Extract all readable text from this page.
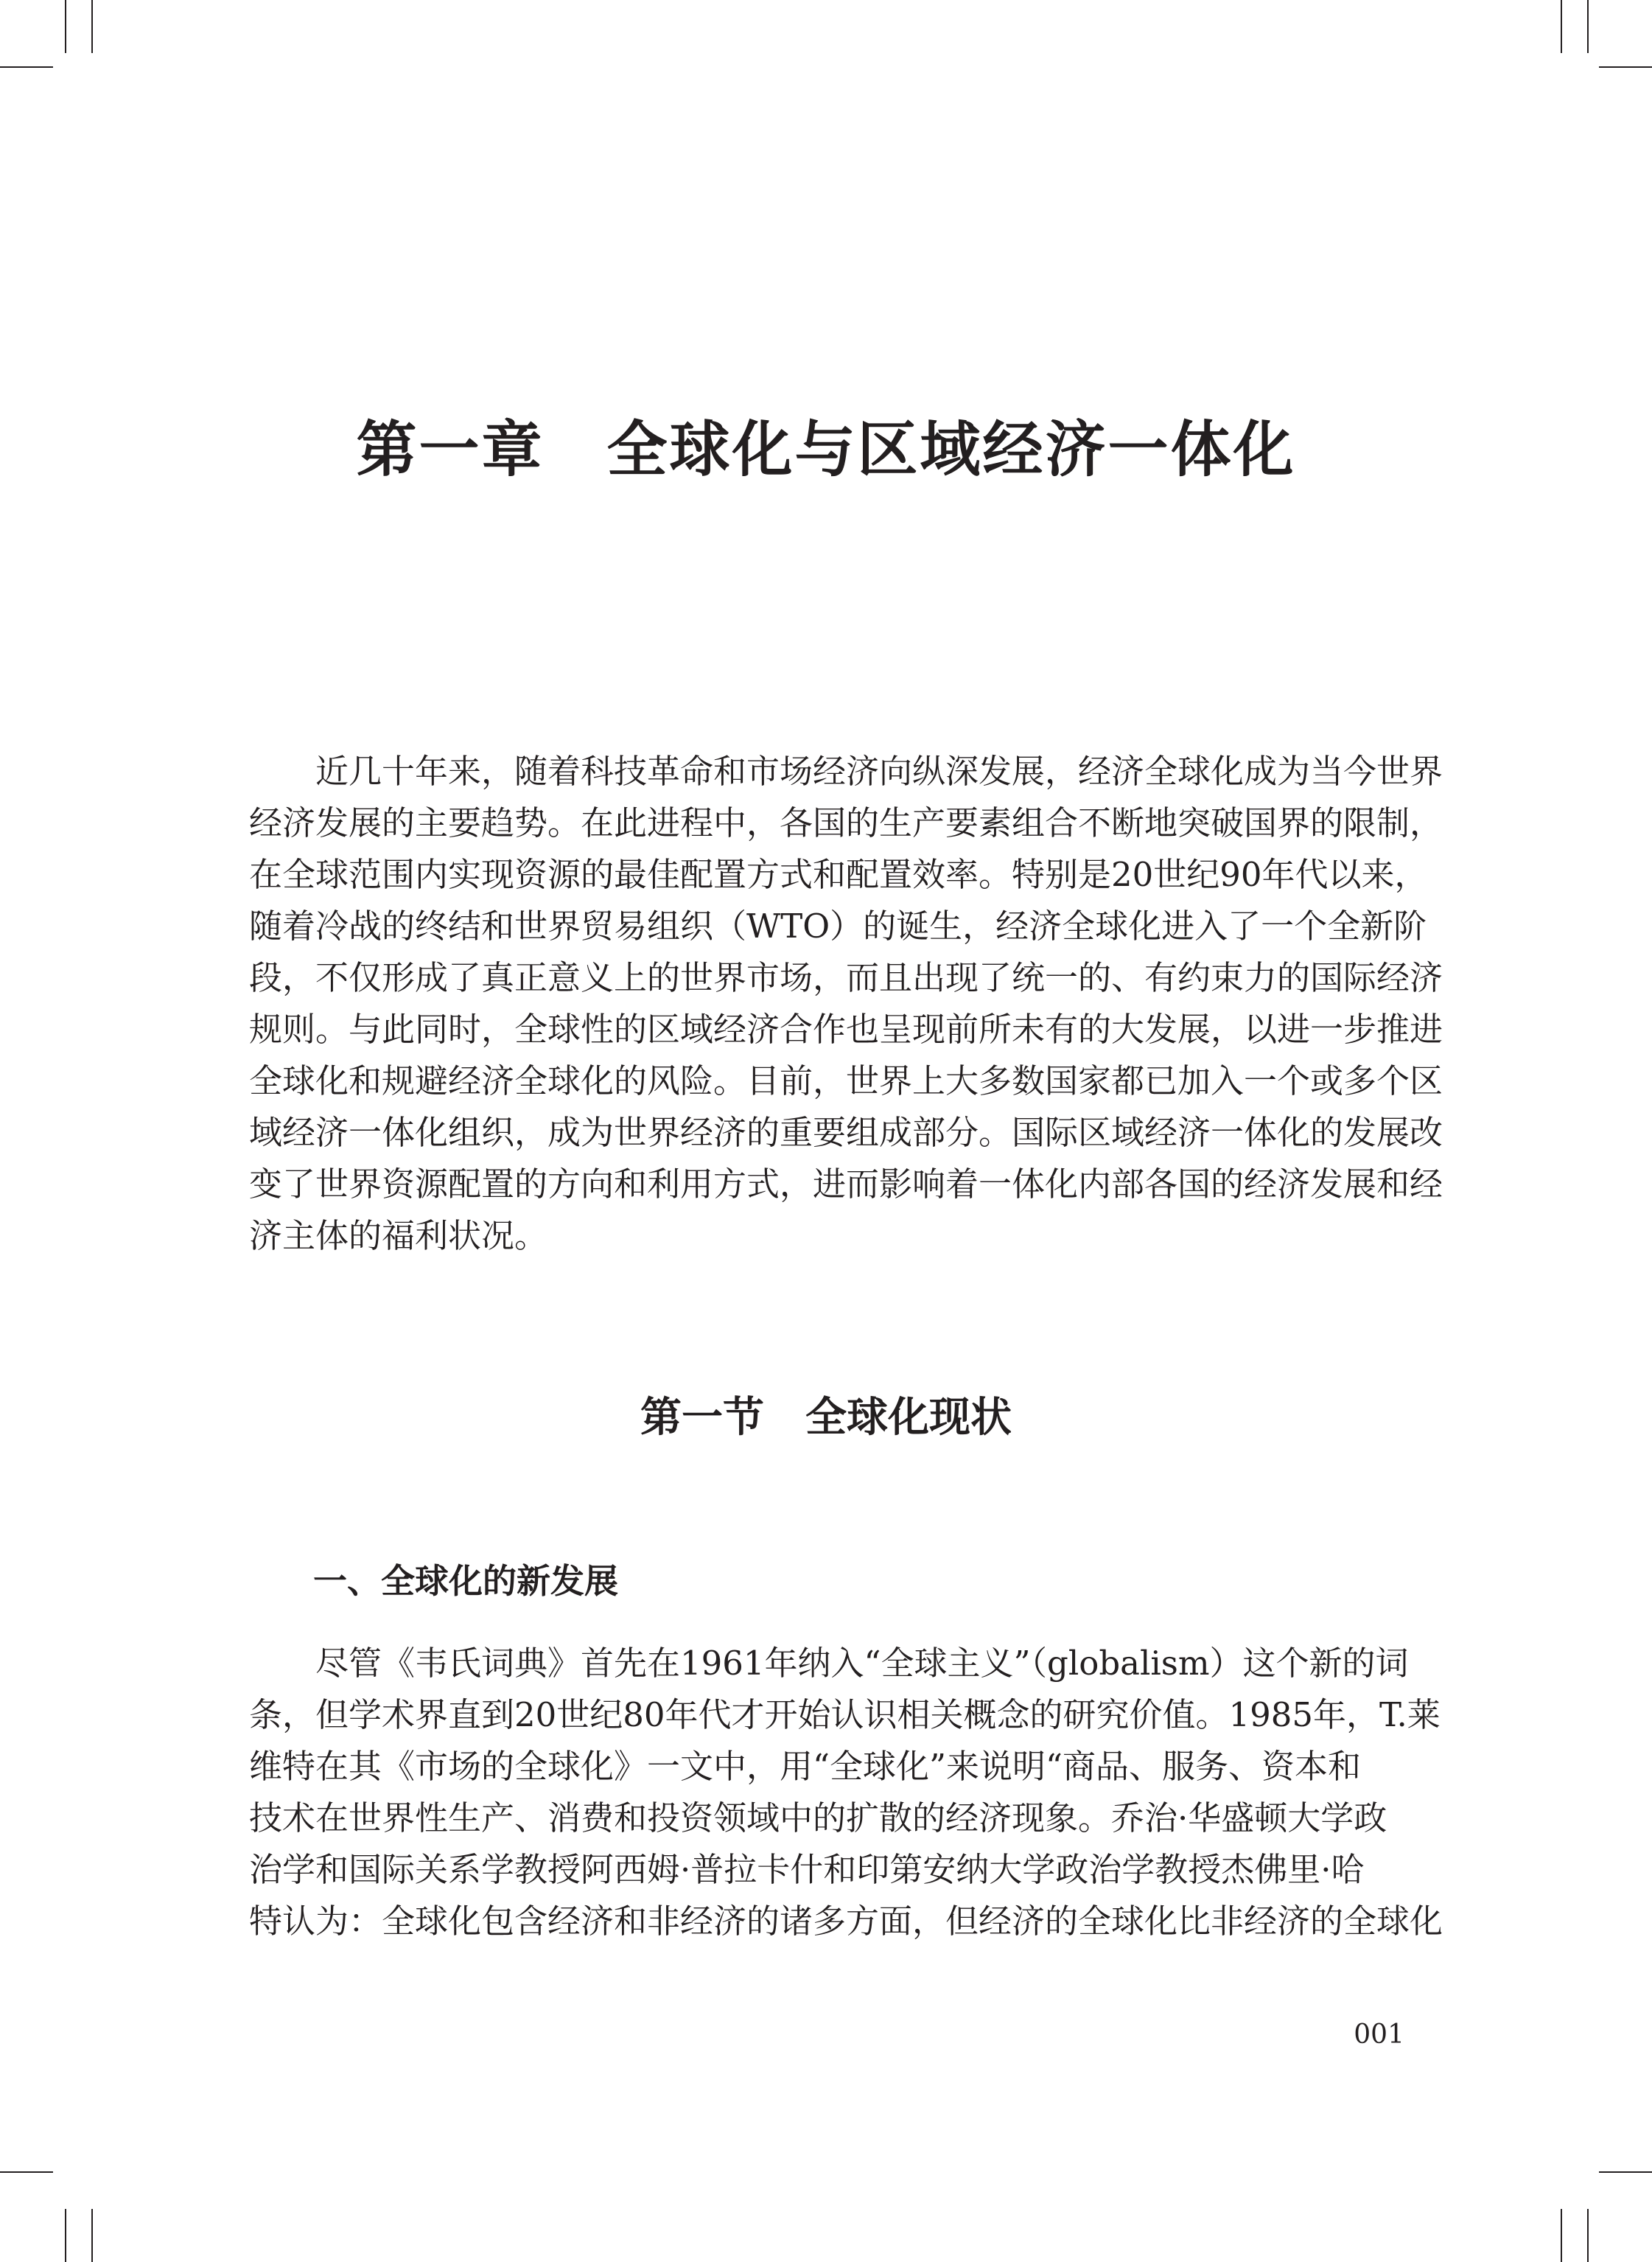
第一章　全球化与区域经济一体化

近几十年来，随着科技革命和市场经济向纵深发展，经济全球化成为当今世界
经济发展的主要趋势。在此进程中，各国的生产要素组合不断地突破国界的限制，
在全球范围内实现资源的最佳配置方式和配置效率。特别是20世纪90年代以来，
随着冷战的终结和世界贸易组织（WTO）的诞生，经济全球化进入了一个全新阶
段，不仅形成了真正意义上的世界市场，而且出现了统一的、有约束力的国际经济
规则。与此同时，全球性的区域经济合作也呈现前所未有的大发展，以进一步推进
全球化和规避经济全球化的风险。目前，世界上大多数国家都已加入一个或多个区
域经济一体化组织，成为世界经济的重要组成部分。国际区域经济一体化的发展改
变了世界资源配置的方向和利用方式，进而影响着一体化内部各国的经济发展和经
济主体的福利状况。

第一节　全球化现状
一、全球化的新发展

尽管《韦氏词典》首先在1961年纳入“全球主义”（globalism）这个新的词
条，但学术界直到20世纪80年代才开始认识相关概念的研究价值。1985年，T.莱
维特在其《市场的全球化》一文中，用“全球化”来说明“商品、服务、资本和
技术在世界性生产、消费和投资领域中的扩散的经济现象。乔治·华盛顿大学政
治学和国际关系学教授阿西姆·普拉卡什和印第安纳大学政治学教授杰佛里·哈
特认为：全球化包含经济和非经济的诸多方面，但经济的全球化比非经济的全球化

001
